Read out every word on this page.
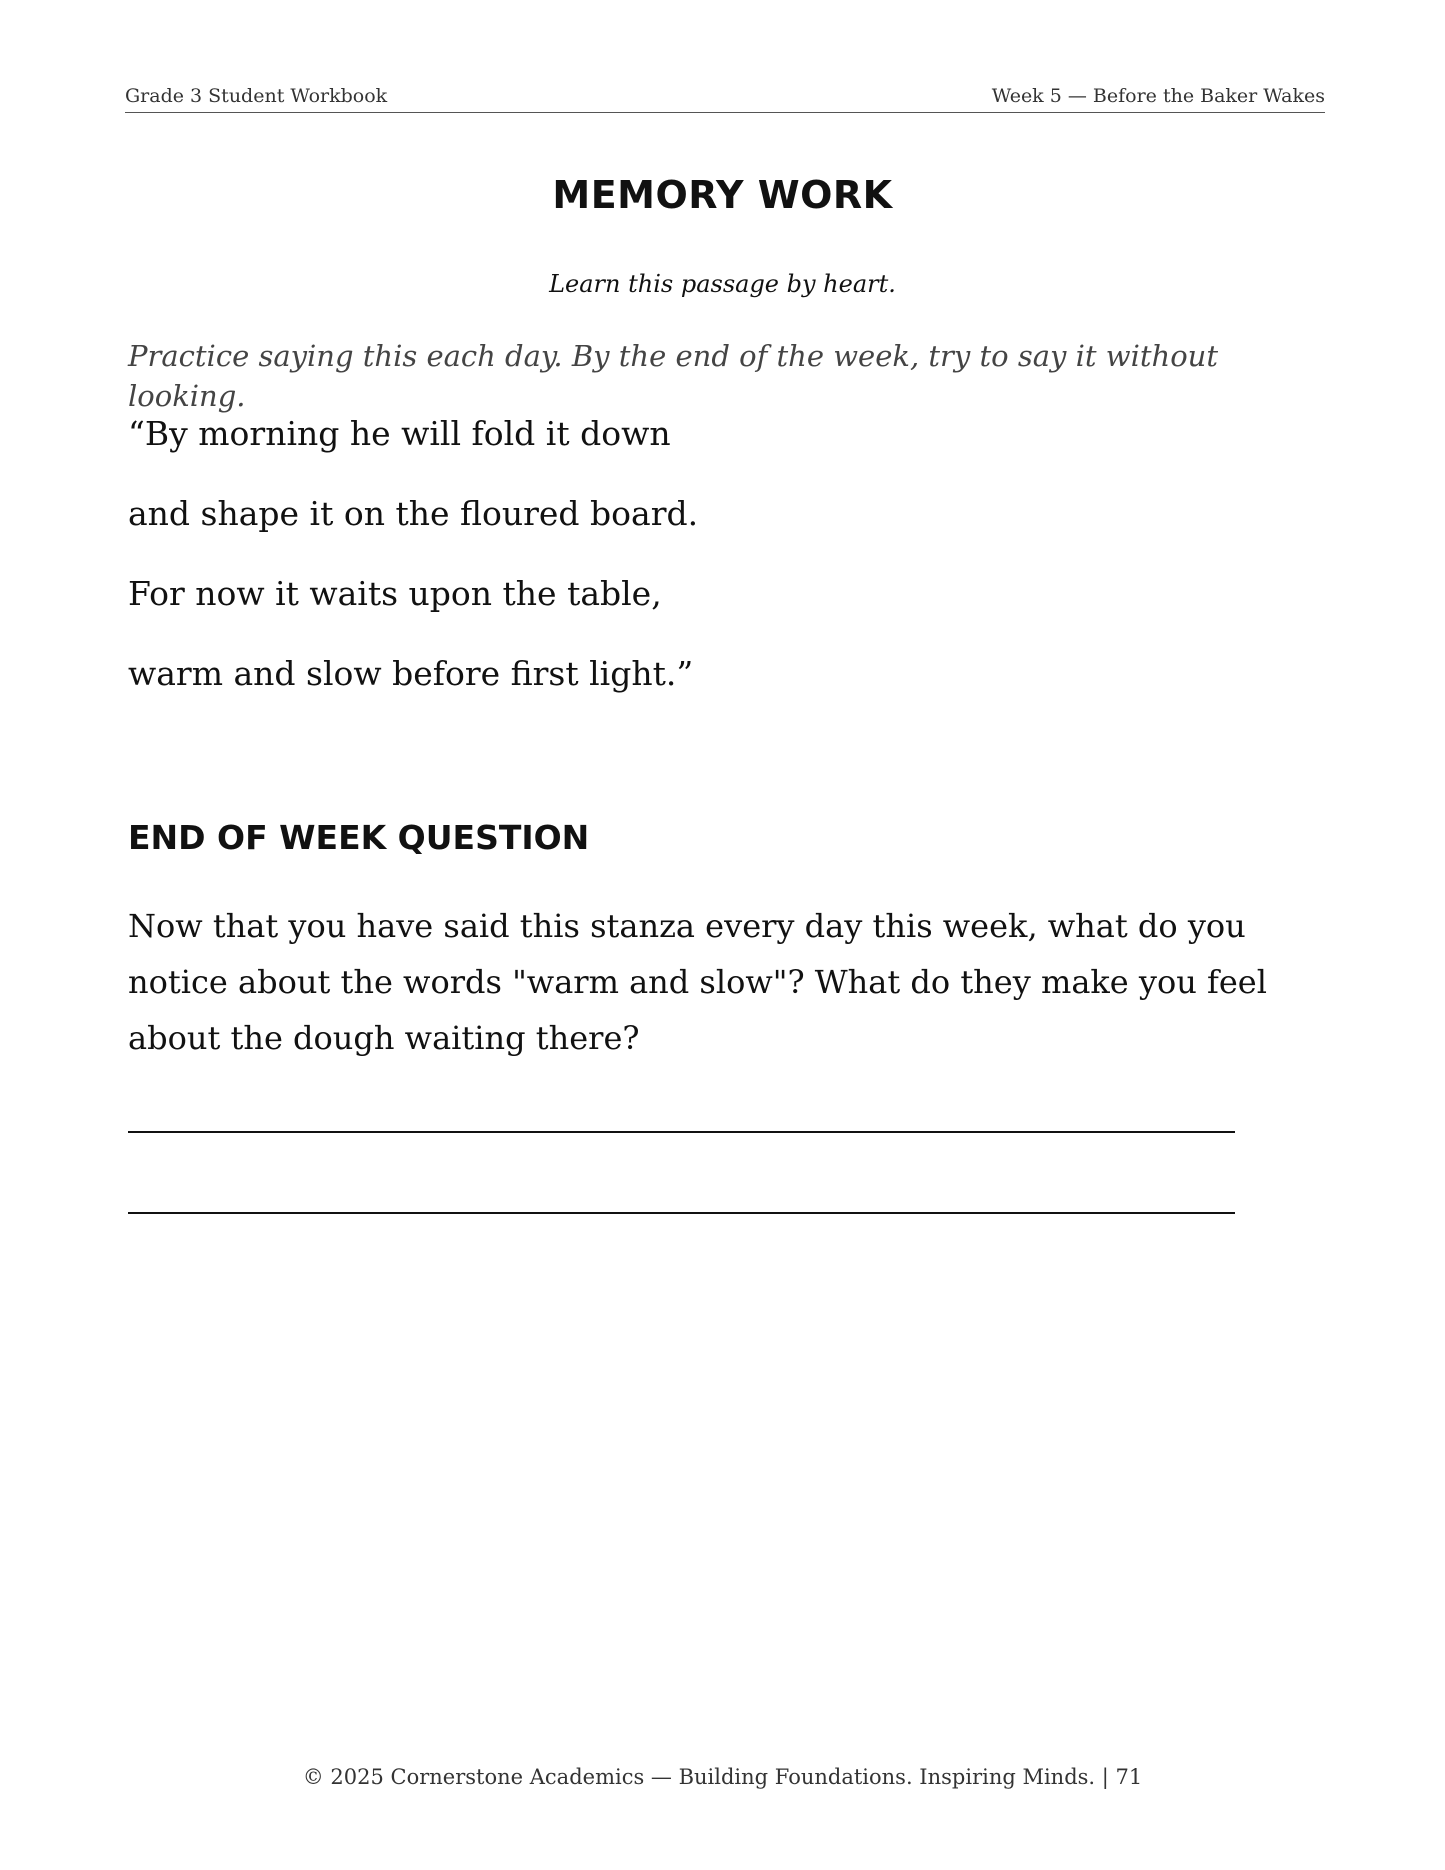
Grade 3 Student Workbook	Week 5 — Before the Baker Wakes
MEMORY WORK

Learn this passage by heart.

Practice saying this each day. By the end of the week, try to say it without looking.

“By morning he will fold it down

and shape it on the floured board.

For now it waits upon the table,

warm and slow before first light.”

END OF WEEK QUESTION

Now that you have said this stanza every day this week, what do you notice about the words "warm and slow"? What do they make you feel about the dough waiting there?

© 2025 Cornerstone Academics — Building Foundations. Inspiring Minds. | 71
